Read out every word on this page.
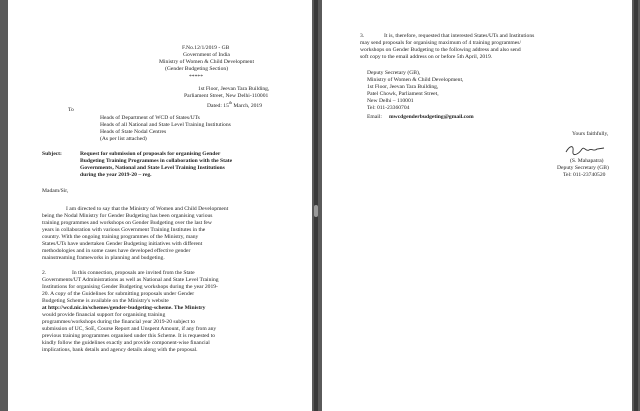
F.No.12/1/2019 - GB
Government of India
Ministry of Women & Child Development
(Gender Budgeting Section)
*****
1st Floor, Jeevan Tara Building,
Parliament Street, New Delhi-110001
Dated: 15th March, 2019
To
Heads of Department of WCD of States/UTs
Heads of all National and State Level Training Institutions
Heads of State Nodal Centres
(As per list attached)
Subject:	Request for submission of proposals for organising Gender
Budgeting Training Programmes in collaboration with the State
Governments, National and State Level Training Institutions
during the year 2019-20 – reg.
Madam/Sir,
I am directed to say that the Ministry of Women and Child Development
being the Nodal Ministry for Gender Budgeting has been organising various
training programmes and workshops on Gender Budgeting over the last few
years in collaboration with various Government Training Institutes in the
country. With the ongoing training programmes of the Ministry, many
States/UTs have undertaken Gender Budgeting initiatives with different
methodologies and in some cases have developed effective gender
mainstreaming frameworks in planning and budgeting.
2.	In this connection, proposals are invited from the State
Governments/UT Administrations as well as National and State Level Training
Institutions for organising Gender Budgeting workshops during the year 2019-
20. A copy of the Guidelines for submitting proposals under Gender
Budgeting Scheme is available on the Ministry's website
at http://wcd.nic.in/schemes/gender-budgeting-scheme. The Ministry
would provide financial support for organising training
programmes/workshops during the financial year 2019-20 subject to
submission of UC, SoE, Course Report and Unspent Amount, if any from any
previous training programmes organised under this Scheme. It is requested to
kindly follow the guidelines exactly and provide component-wise financial
implications, bank details and agency details along with the proposal.
3.	It is, therefore, requested that interested States/UTs and Institutions
may send proposals for organising maximum of 4 training programmes/
workshops on Gender Budgeting to the following address and also send
soft copy to the email address on or before 5th April, 2019.
Deputy Secretary (GB),
Ministry of Women & Child Development,
1st Floor, Jeevan Tara Building,
Patel Chowk, Parliament Street,
New Delhi – 110001
Tel: 011-23360704
Email: mwcdgenderbudgeting@gmail.com
Yours faithfully,
(S. Mahapatra)
Deputy Secretary (GB)
Tel: 011-23740520
